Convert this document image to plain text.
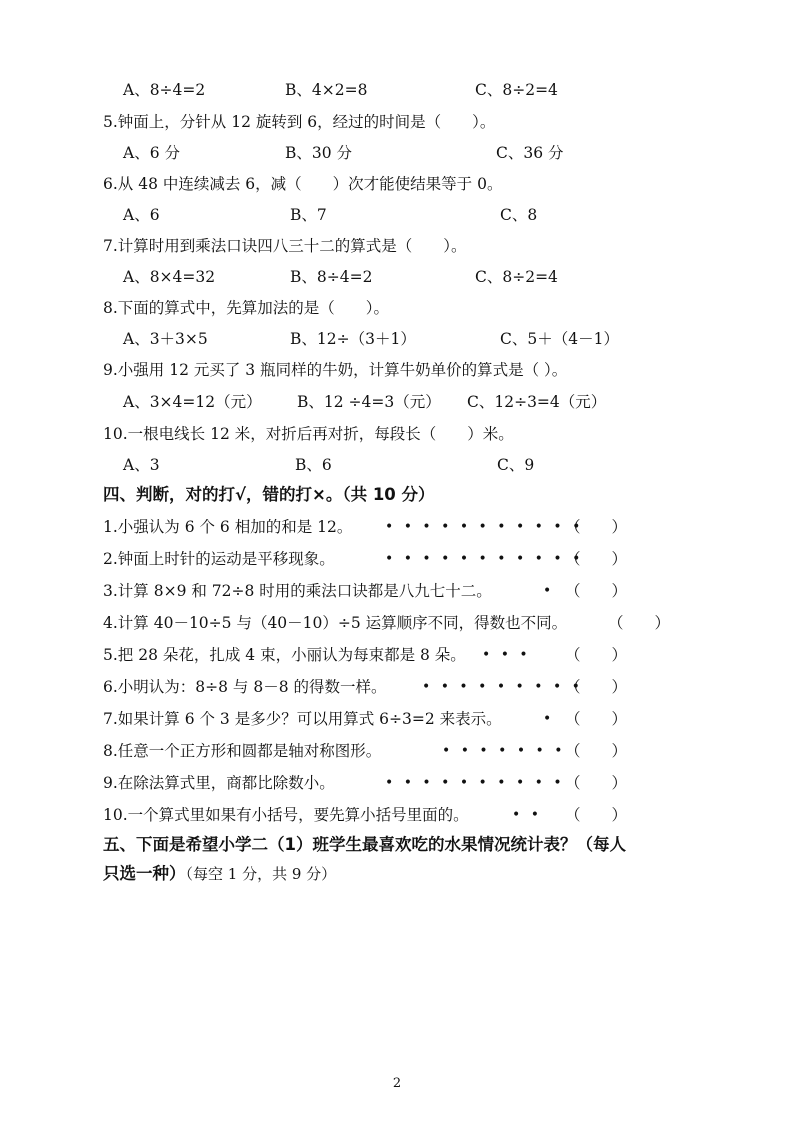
A、8÷4=2	B、4×2=8	C、8÷2=4
5.钟面上，分针从 12 旋转到 6，经过的时间是（　　）。
A、6 分	B、30 分	C、36 分
6.从 48 中连续减去 6，减（　　）次才能使结果等于 0。
A、6	B、7	C、8
7.计算时用到乘法口诀四八三十二的算式是（　　）。
A、8×4=32	B、8÷4=2	C、8÷2=4
8.下面的算式中，先算加法的是（　　）。
A、3＋3×5	B、12÷（3＋1）	C、5＋（4－1）
9.小强用 12 元买了 3 瓶同样的牛奶，计算牛奶单价的算式是（ ）。
A、3×4=12（元） B、12 ÷4=3（元） C、12÷3=4（元）
10.一根电线长 12 米，对折后再对折，每段长（　　）米。
A、3	B、6	C、9
四、判断，对的打√，错的打×。（共 10 分）
1.小强认为 6 个 6 相加的和是 12。 • • • • • • • • • • •
（　　）
2.钟面上时针的运动是平移现象。	• • • • • • • • • • •
（　　）
3.计算 8×9 和 72÷8 时用的乘法口诀都是八九七十二。	• （　　）
4.计算 40－10÷5 与（40－10）÷5 运算顺序不同，得数也不同。	（　　）
5.把 28 朵花，扎成 4 束，小丽认为每束都是 8 朵。 • • • （　　）
6.小明认为：8÷8 与 8－8 的得数一样。	• • • • • • • • •
（　　）
7.如果计算 6 个 3 是多少？可以用算式 6÷3=2 来表示。	• （　　）
8.任意一个正方形和圆都是轴对称图形。	• • • • • • • （　　）
9.在除法算式里，商都比除数小。	• • • • • • • • • • （　　）
10.一个算式里如果有小括号，要先算小括号里面的。	• • （　　）
五、下面是希望小学二（1）班学生最喜欢吃的水果情况统计表？（每人
只选一种）（每空 1 分，共 9 分）
2
